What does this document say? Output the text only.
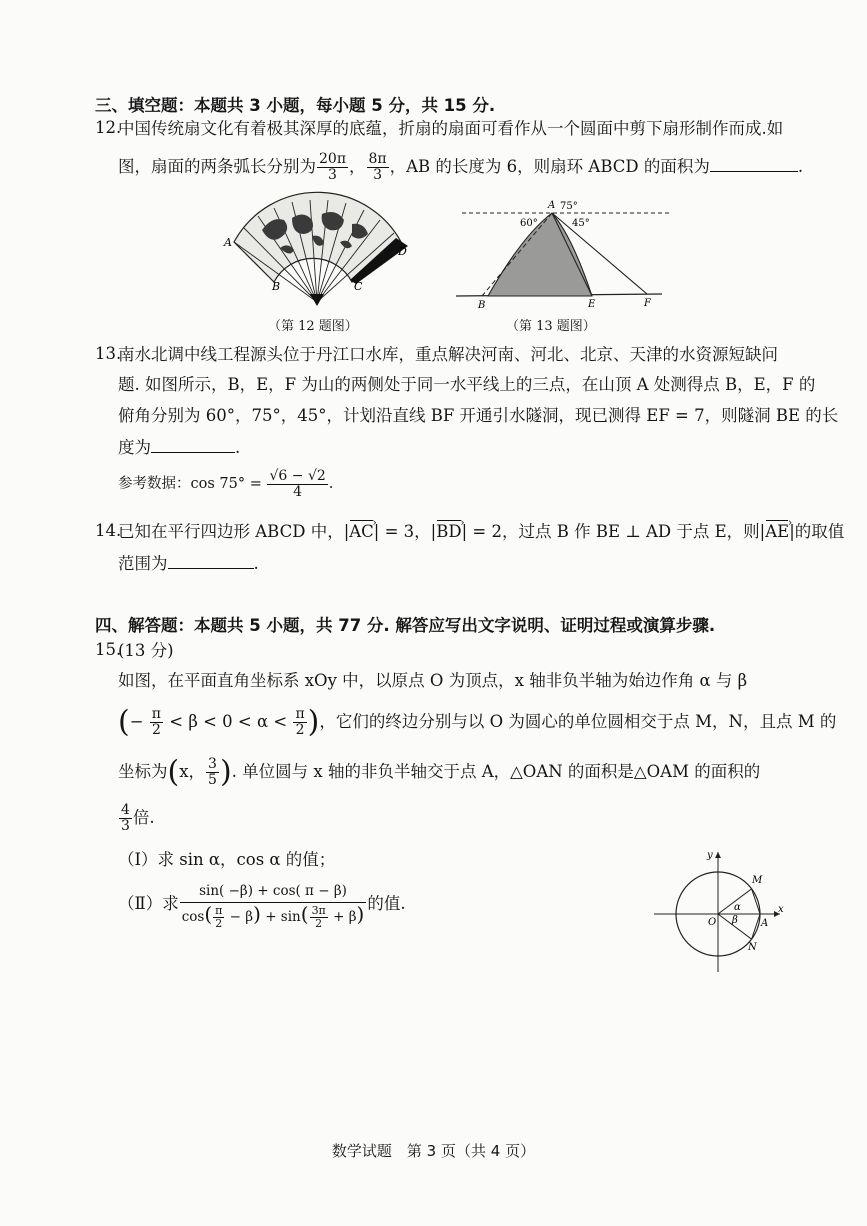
三、填空题：本题共 3 小题，每小题 5 分，共 15 分.
12.
中国传统扇文化有着极其深厚的底蕴，折扇的扇面可看作从一个圆面中剪下扇形制作而成.如
图，扇面的两条弧长分别为 $\frac{20\pi}{3}$ ， $\frac{8\pi}{3}$ ，AB 的长度为 6，则扇环 ABCD 的面积为	.
A
B	C
D
（第 12 题图）
A 75°
60°	45°
B	E	F
（第 13 题图）
13.
南水北调中线工程源头位于丹江口水库，重点解决河南、河北、北京、天津的水资源短缺问
题. 如图所示，B，E，F 为山的两侧处于同一水平线上的三点，在山顶 A 处测得点 B，E，F 的
俯角分别为 60°，75°，45°，计划沿直线 BF 开通引水隧洞，现已测得 EF = 7，则隧洞 BE 的长
度为	.
参考数据：$\cos 75^\circ = \frac{√6 - √2}{4}$ .
14.
已知在平行四边形 ABCD 中，|AC ›| = 3，|BD ›| = 2，过点 B 作 BE ⊥ AD 于点 E，则|AE ›|的取值
范围为	.
四、解答题：本题共 5 小题，共 77 分. 解答应写出文字说明、证明过程或演算步骤.
15.
(13 分)
如图，在平面直角坐标系 xOy 中，以原点 O 为顶点，x 轴非负半轴为始边作角 α 与 β
(− $\frac{\pi}{2} < \beta < 0 < \alpha < \frac{\pi}{2}$ )，它们的终边分别与以 O 为圆心的单位圆相交于点 M，N，且点 M 的
坐标为(x， $\frac{3}{5}$ ). 单位圆与 x 轴的非负半轴交于点 A，△OAN 的面积是△OAM 的面积的
$\frac{4}{3}$ 倍.
（Ⅰ）求 sin α，cos α 的值；
（Ⅱ）求 $\frac{\sin( -\beta) + \cos( \pi - \beta)}{\cos( \frac{\pi}{2} - \beta) + \sin( \frac{3\pi}{2} + \beta)}$ 的值.
y
x
O
M
A
N
α
β
数学试题　第 3 页（共 4 页）
